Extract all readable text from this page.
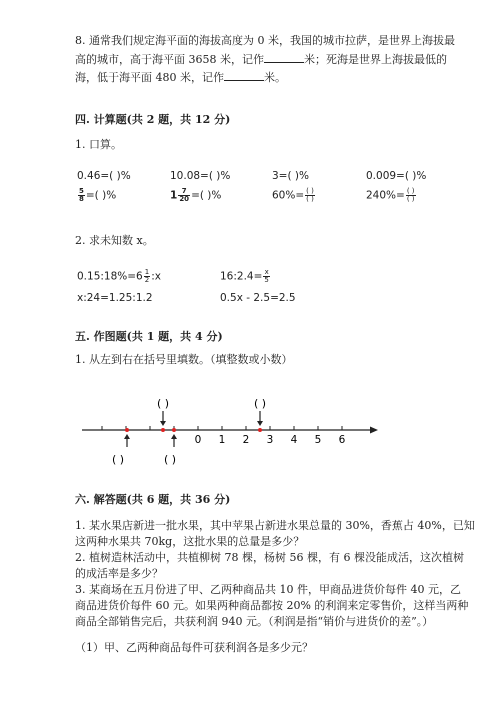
8. 通常我们规定海平面的海拔高度为 0 米，我国的城市拉萨，是世界上海拔最
高的城市，高于海平面 3658 米，记作	米；死海是世界上海拔最低的
海，低于海平面 480 米，记作	米。
四. 计算题(共 2 题，共 12 分)
1. 口算。
0.46=( )%	10.08=( )%	3=( )%	0.009=( )%
$\frac{5}{8}$ =( )%	$1 \frac{7}{20}$ =( )%	$60\%= \frac{( )}{( )}$	$240\%= \frac{( )}{( )}$
2. 求未知数 x。
0.15:18%=6 $\frac{1}{2}$ :x	16:2.4= $\frac{x}{5}$
x:24=1.25:1.2	0.5x - 2.5=2.5
五. 作图题(共 1 题，共 4 分)
1. 从左到右在括号里填数。（填整数或小数）
0 1 2 3 4 5 6
( )	( )
( )	( )
六. 解答题(共 6 题，共 36 分)
1. 某水果店新进一批水果，其中苹果占新进水果总量的 30%，香蕉占 40%，已知
这两种水果共 70kg，这批水果的总量是多少？
2. 植树造林活动中，共植柳树 78 棵，杨树 56 棵，有 6 棵没能成活，这次植树
的成活率是多少？
3. 某商场在五月份进了甲、乙两种商品共 10 件，甲商品进货价每件 40 元，乙
商品进货价每件 60 元。如果两种商品都按 20% 的利润来定零售价，这样当两种
商品全部销售完后，共获利润 940 元。（利润是指“销价与进货价的差”。）
（1）甲、乙两种商品每件可获利润各是多少元？
